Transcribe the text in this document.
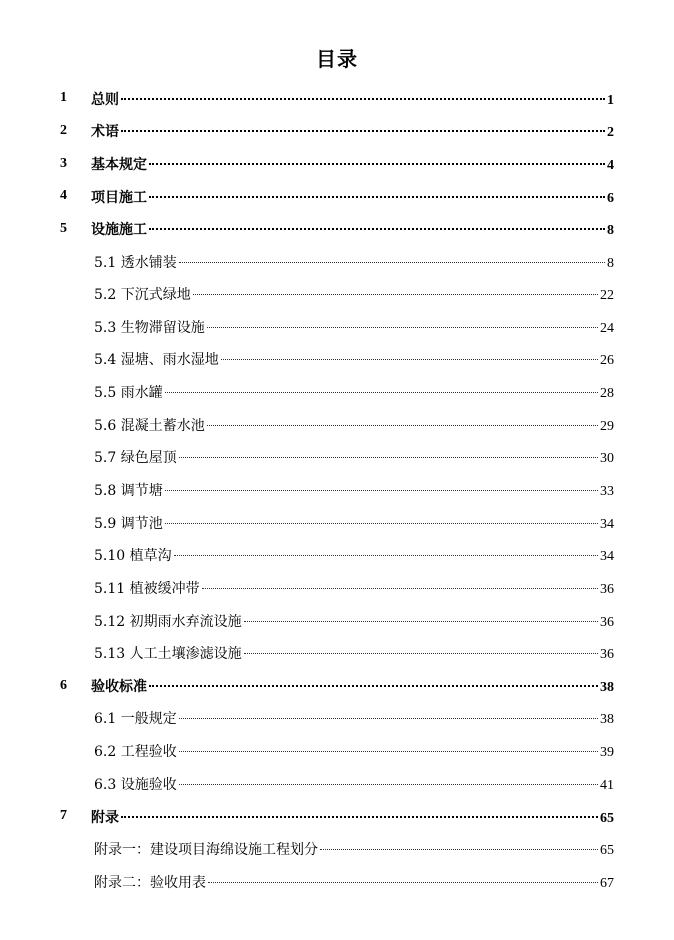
目录
1	总则	1
2	术语	2
3	基本规定	4
4	项目施工	6
5	设施施工	8
5.1 透水铺装	8
5.2 下沉式绿地	22
5.3 生物滞留设施	24
5.4 湿塘、雨水湿地	26
5.5 雨水罐	28
5.6 混凝土蓄水池	29
5.7 绿色屋顶	30
5.8 调节塘	33
5.9 调节池	34
5.10 植草沟	34
5.11 植被缓冲带	36
5.12 初期雨水弃流设施	36
5.13 人工土壤渗滤设施	36
6	验收标准	38
6.1 一般规定	38
6.2 工程验收	39
6.3 设施验收	41
7	附录	65
附录一：建设项目海绵设施工程划分	65
附录二：验收用表	67
